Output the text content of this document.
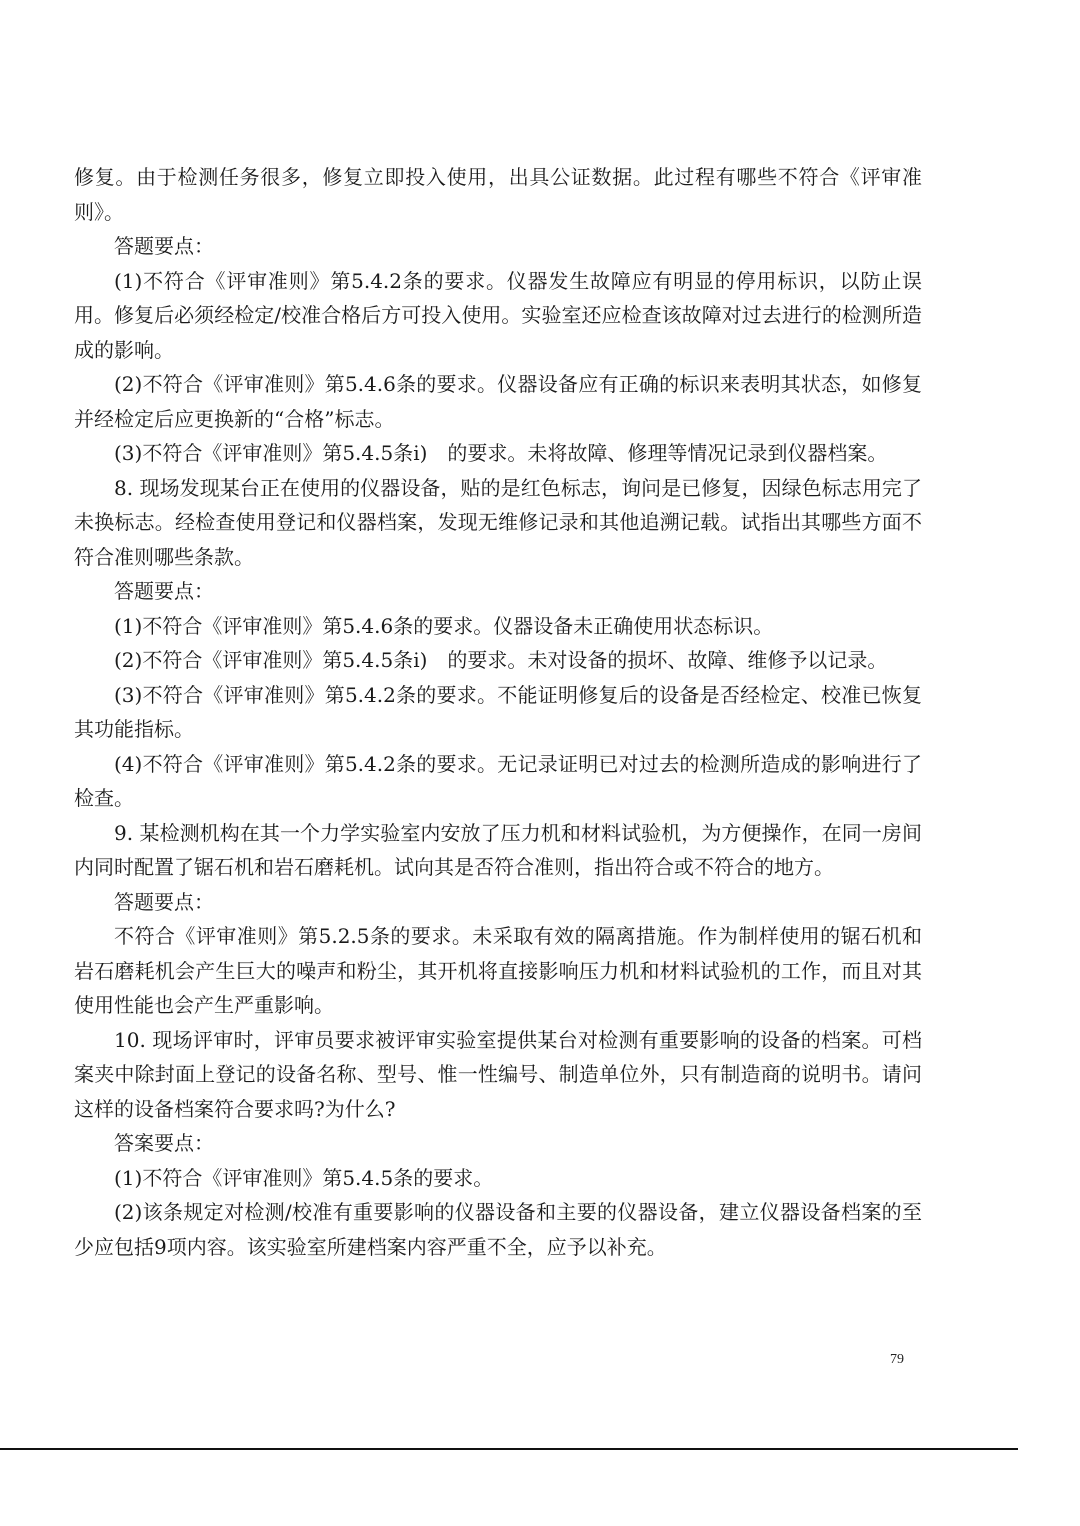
修复。由于检测任务很多，修复立即投入使用，出具公证数据。此过程有哪些不符合《评审准则》。

答题要点：

(1)不符合《评审准则》第5.4.2条的要求。仪器发生故障应有明显的停用标识，以防止误用。修复后必须经检定/校准合格后方可投入使用。实验室还应检查该故障对过去进行的检测所造成的影响。

(2)不符合《评审准则》第5.4.6条的要求。仪器设备应有正确的标识来表明其状态，如修复并经检定后应更换新的“合格”标志。

(3)不符合《评审准则》第5.4.5条i)　的要求。未将故障、修理等情况记录到仪器档案。

8. 现场发现某台正在使用的仪器设备，贴的是红色标志，询问是已修复，因绿色标志用完了未换标志。经检查使用登记和仪器档案，发现无维修记录和其他追溯记载。试指出其哪些方面不符合准则哪些条款。

答题要点：

(1)不符合《评审准则》第5.4.6条的要求。仪器设备未正确使用状态标识。

(2)不符合《评审准则》第5.4.5条i)　的要求。未对设备的损坏、故障、维修予以记录。

(3)不符合《评审准则》第5.4.2条的要求。不能证明修复后的设备是否经检定、校准已恢复其功能指标。

(4)不符合《评审准则》第5.4.2条的要求。无记录证明已对过去的检测所造成的影响进行了检查。

9. 某检测机构在其一个力学实验室内安放了压力机和材料试验机，为方便操作，在同一房间内同时配置了锯石机和岩石磨耗机。试向其是否符合准则，指出符合或不符合的地方。

答题要点：

不符合《评审准则》第5.2.5条的要求。未采取有效的隔离措施。作为制样使用的锯石机和岩石磨耗机会产生巨大的噪声和粉尘，其开机将直接影响压力机和材料试验机的工作，而且对其使用性能也会产生严重影响。

10. 现场评审时，评审员要求被评审实验室提供某台对检测有重要影响的设备的档案。可档案夹中除封面上登记的设备名称、型号、惟一性编号、制造单位外，只有制造商的说明书。请问这样的设备档案符合要求吗?为什么?

答案要点：

(1)不符合《评审准则》第5.4.5条的要求。

(2)该条规定对检测/校准有重要影响的仪器设备和主要的仪器设备，建立仪器设备档案的至少应包括9项内容。该实验室所建档案内容严重不全，应予以补充。

79
